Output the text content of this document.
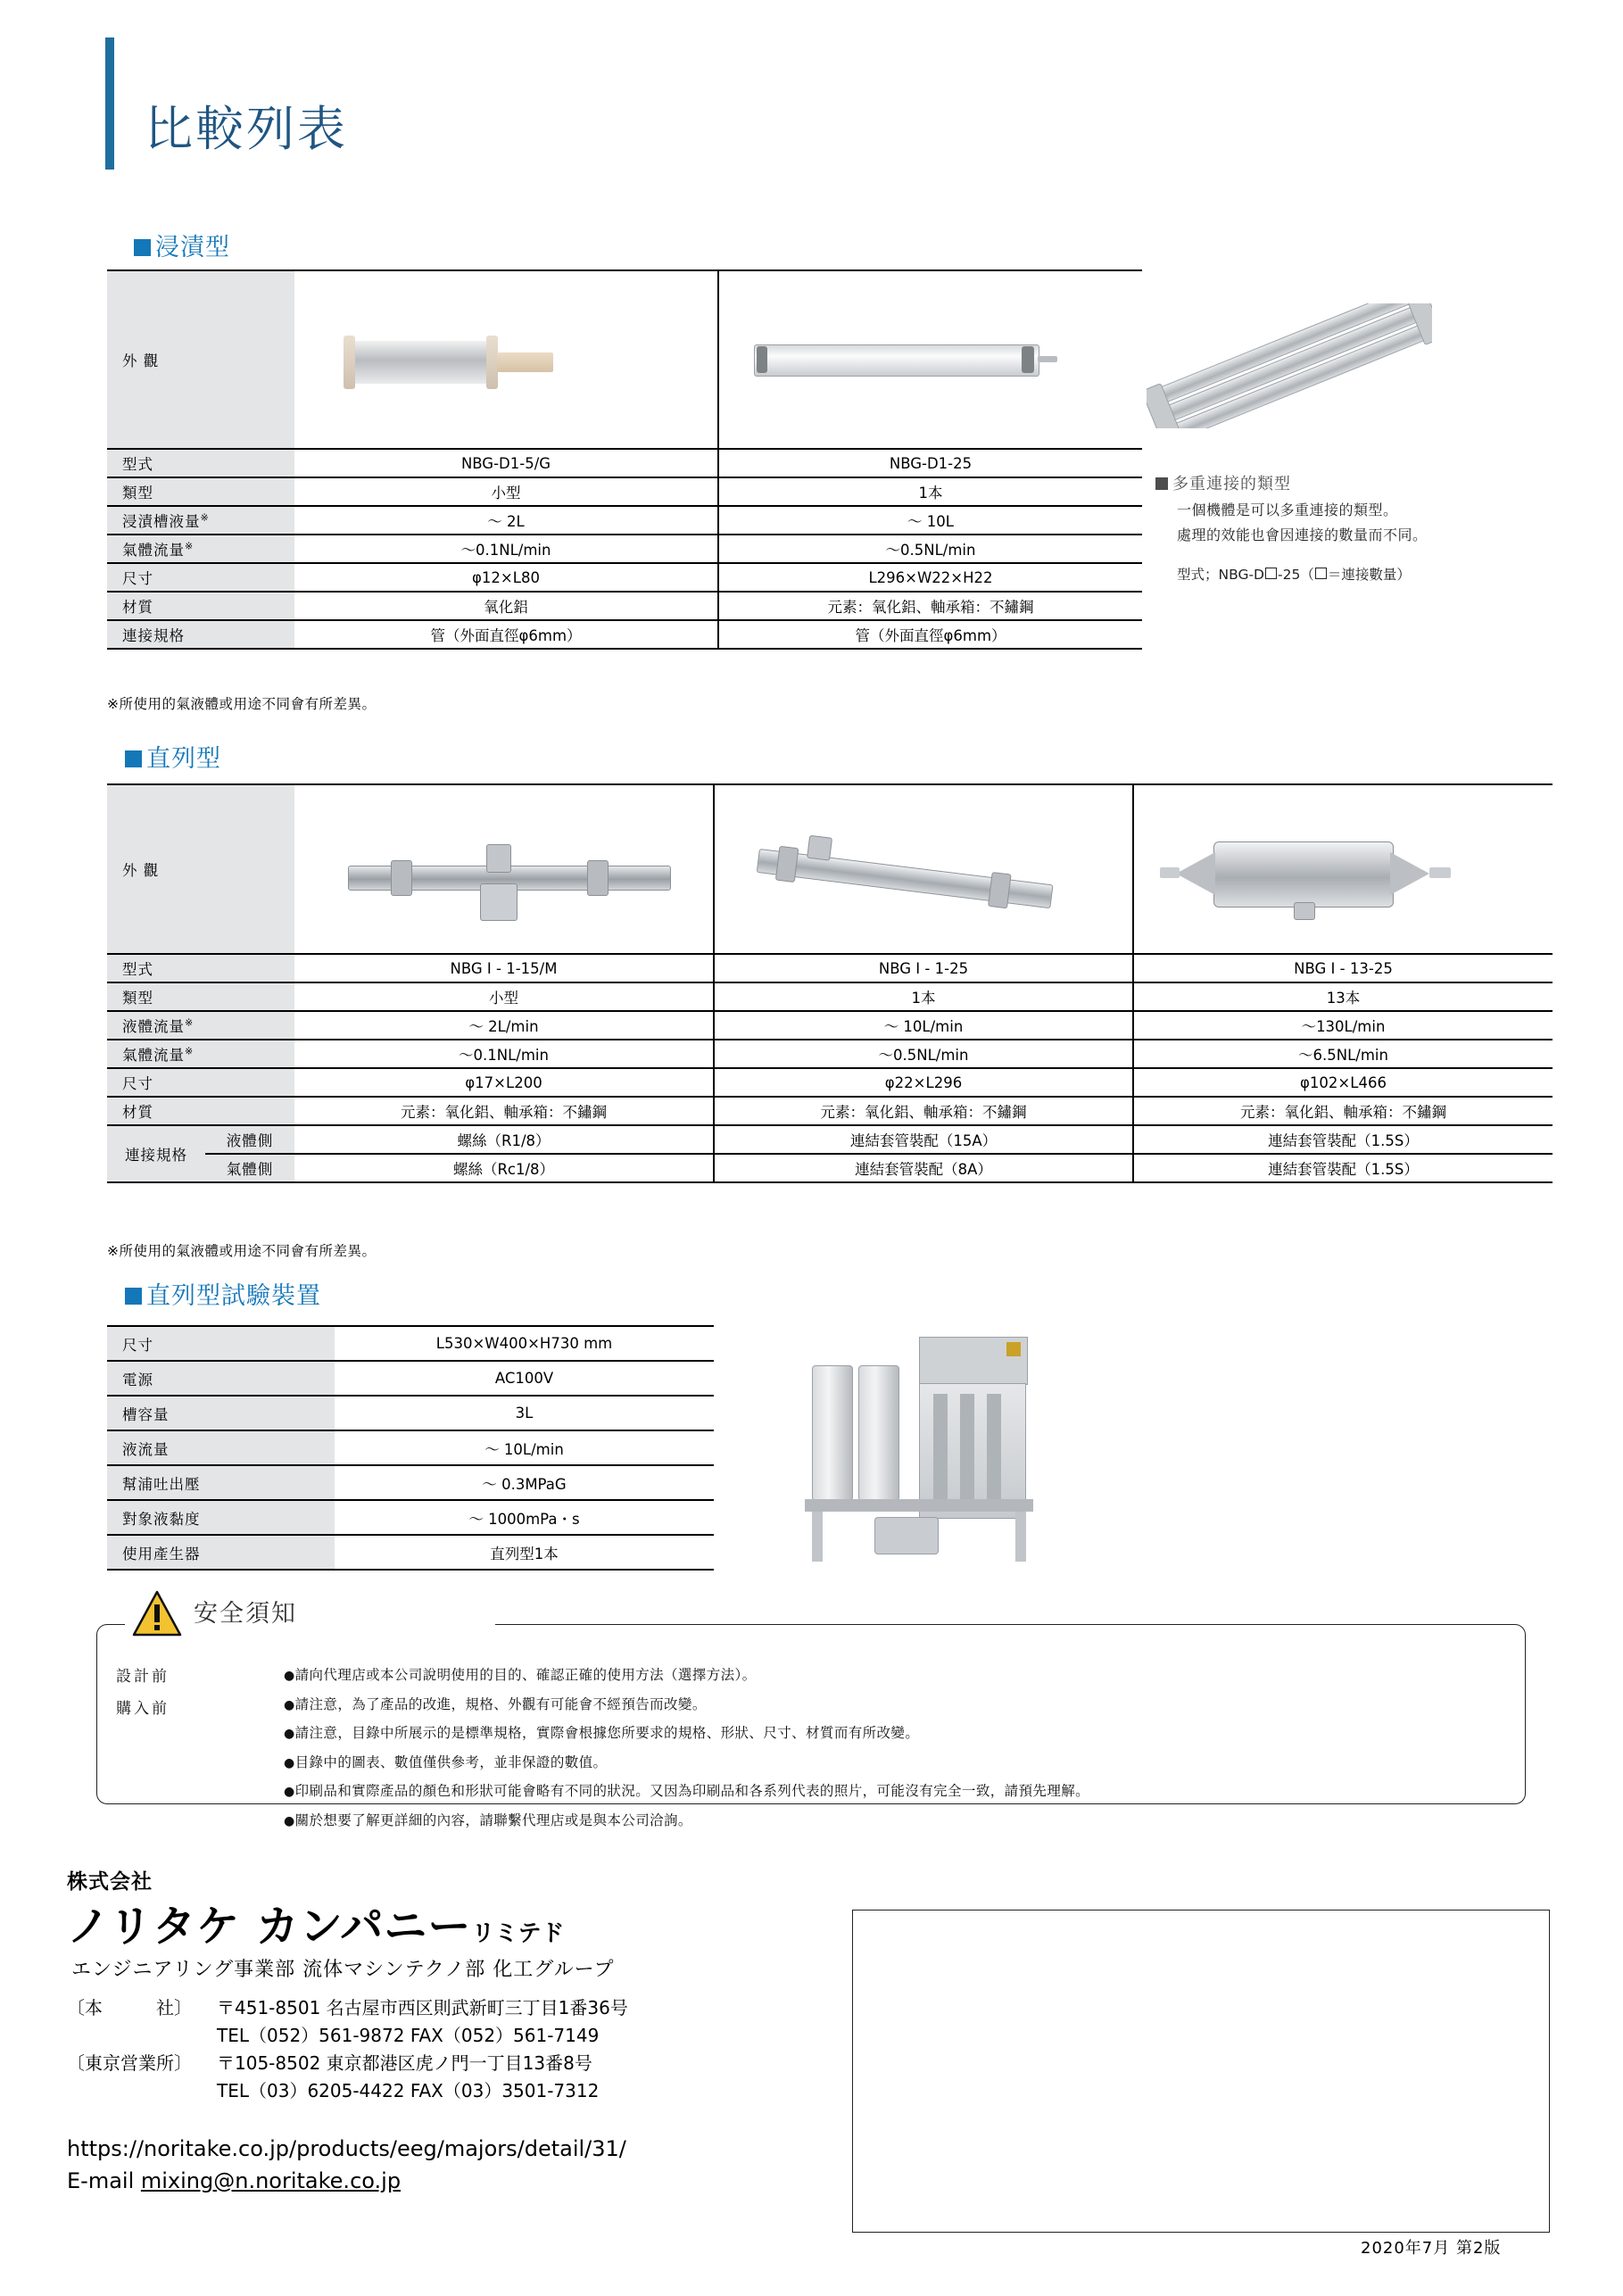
比較列表
浸漬型
外 觀		
型式	NBG-D1-5/G	NBG-D1-25
類型	小型	1本
浸漬槽液量※	～ 2L	～ 10L
氣體流量※	～0.1NL/min	～0.5NL/min
尺寸	φ12×L80	L296×W22×H22
材質	氧化鋁	元素：氧化鋁、軸承箱：不鏽鋼
連接規格	管（外面直徑φ6mm）	管（外面直徑φ6mm）
※所使用的氣液體或用途不同會有所差異。
多重連接的類型
一個機體是可以多重連接的類型。
處理的效能也會因連接的數量而不同。
型式；NBG-D -25（ ＝連接數量）
直列型
外 觀				
型式		NBG I - 1-15/M	NBG I - 1-25	NBG I - 13-25
類型		小型	1本	13本
液體流量※		～ 2L/min	～ 10L/min	～130L/min
氣體流量※		～0.1NL/min	～0.5NL/min	～6.5NL/min
尺寸		φ17×L200	φ22×L296	φ102×L466
材質		元素：氧化鋁、軸承箱：不鏽鋼	元素：氧化鋁、軸承箱：不鏽鋼	元素：氧化鋁、軸承箱：不鏽鋼
連接規格	液體側	螺絲（R1/8）	連結套管裝配（15A）	連結套管裝配（1.5S）
	氣體側	螺絲（Rc1/8）	連結套管裝配（8A）	連結套管裝配（1.5S）
※所使用的氣液體或用途不同會有所差異。
直列型試驗裝置
尺寸	L530×W400×H730 mm
電源	AC100V
槽容量	3L
液流量	～ 10L/min
幫浦吐出壓	～ 0.3MPaG
對象液黏度	～ 1000mPa・s
使用產生器	直列型1本
安全須知
設計前
購入前
●請向代理店或本公司說明使用的目的、確認正確的使用方法（選擇方法）。
●請注意，為了產品的改進，規格、外觀有可能會不經預告而改變。
●請注意，目錄中所展示的是標準規格，實際會根據您所要求的規格、形狀、尺寸、材質而有所改變。
●目錄中的圖表、數值僅供參考，並非保證的數值。
●印刷品和實際產品的顏色和形狀可能會略有不同的狀況。又因為印刷品和各系列代表的照片，可能沒有完全一致，請預先理解。
●關於想要了解更詳細的內容，請聯繫代理店或是與本公司洽詢。
株式会社
ノリタケ カンパニーリミテド
エンジニアリング事業部 流体マシンテクノ部 化工グループ
〔本　　　社〕 〒451-8501 名古屋市西区則武新町三丁目1番36号
TEL（052）561-9872 FAX（052）561-7149
〔東京営業所〕 〒105-8502 東京都港区虎ノ門一丁目13番8号
TEL（03）6205-4422 FAX（03）3501-7312
https://noritake.co.jp/products/eeg/majors/detail/31/
E-mail mixing@n.noritake.co.jp
2020年7月 第2版
